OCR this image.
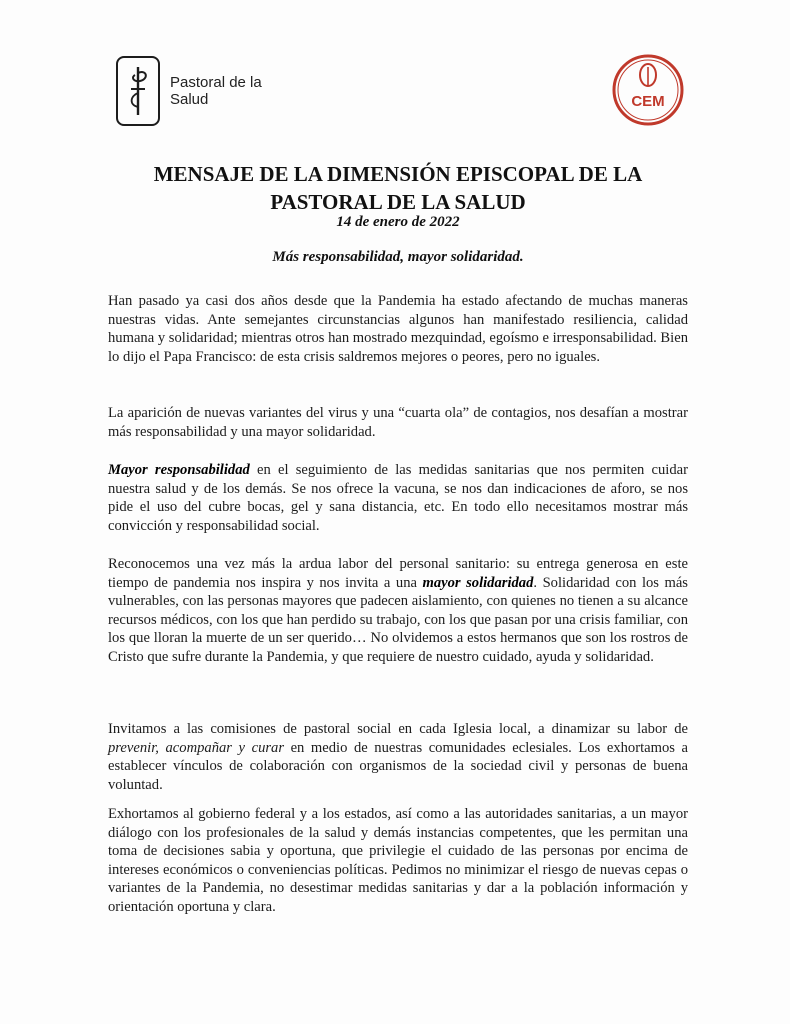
Pastoral de la
Salud	CEM
MENSAJE DE LA DIMENSIÓN EPISCOPAL DE LA
PASTORAL DE LA SALUD
14 de enero de 2022
Más responsabilidad, mayor solidaridad.

Han pasado ya casi dos años desde que la Pandemia ha estado afectando de muchas maneras nuestras vidas. Ante semejantes circunstancias algunos han manifestado resiliencia, calidad humana y solidaridad; mientras otros han mostrado mezquindad, egoísmo e irresponsabilidad. Bien lo dijo el Papa Francisco: de esta crisis saldremos mejores o peores, pero no iguales.

La aparición de nuevas variantes del virus y una “cuarta ola” de contagios, nos desafían a mostrar más responsabilidad y una mayor solidaridad.

Mayor responsabilidad en el seguimiento de las medidas sanitarias que nos permiten cuidar nuestra salud y de los demás. Se nos ofrece la vacuna, se nos dan indicaciones de aforo, se nos pide el uso del cubre bocas, gel y sana distancia, etc. En todo ello necesitamos mostrar más convicción y responsabilidad social.

Reconocemos una vez más la ardua labor del personal sanitario: su entrega generosa en este tiempo de pandemia nos inspira y nos invita a una mayor solidaridad. Solidaridad con los más vulnerables, con las personas mayores que padecen aislamiento, con quienes no tienen a su alcance recursos médicos, con los que han perdido su trabajo, con los que pasan por una crisis familiar, con los que lloran la muerte de un ser querido… No olvidemos a estos hermanos que son los rostros de Cristo que sufre durante la Pandemia, y que requiere de nuestro cuidado, ayuda y solidaridad.

Invitamos a las comisiones de pastoral social en cada Iglesia local, a dinamizar su labor de prevenir, acompañar y curar en medio de nuestras comunidades eclesiales. Los exhortamos a establecer vínculos de colaboración con organismos de la sociedad civil y personas de buena voluntad.

Exhortamos al gobierno federal y a los estados, así como a las autoridades sanitarias, a un mayor diálogo con los profesionales de la salud y demás instancias competentes, que les permitan una toma de decisiones sabia y oportuna, que privilegie el cuidado de las personas por encima de intereses económicos o conveniencias políticas. Pedimos no minimizar el riesgo de nuevas cepas o variantes de la Pandemia, no desestimar medidas sanitarias y dar a la población información y orientación oportuna y clara.
